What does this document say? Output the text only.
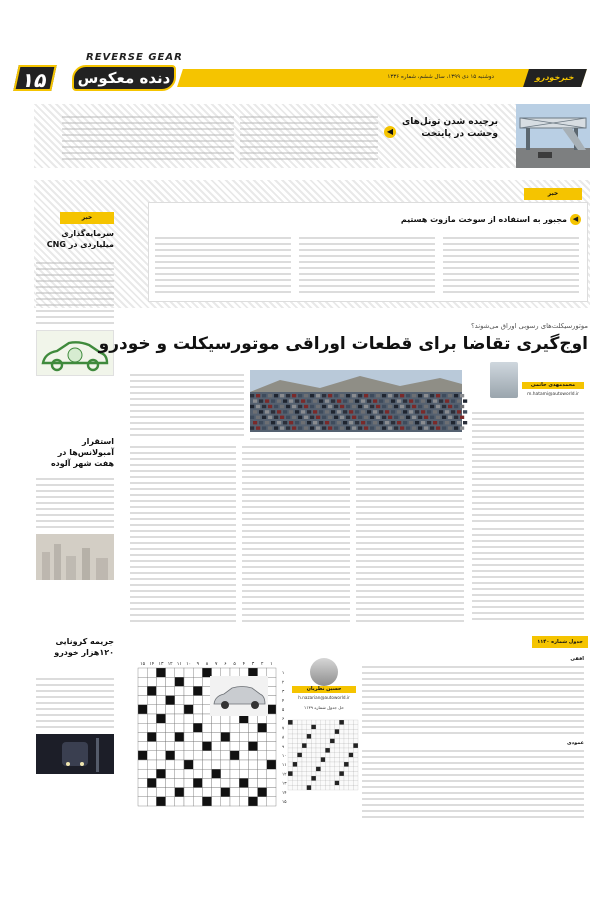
REVERSE GEAR
۱۵	دنده معکوس	دوشنبه ۱۵ دی ۱۳۹۹، سال ششم، شماره ۱۳۳۶	خبرخودرو
برچیده شدن تونل‌های وحشت در پایتخت
◀
خبر
◀
مجبور به استفاده از سوخت مازوت هستیم
خبر
سرمایه‌گذاری میلیاردی در CNG
استقرار آمبولانس‌ها در هفت شهر آلوده
جریمه کرونایی ۱۲۰هزار خودرو
موتورسیکلت‌های رسوبی اوراق می‌شوند؟
اوج‌گیری تقاضا برای قطعات اوراقی موتورسیکلت و خودرو
محمدمهدی حاتمی
m.hatami@autoworld.ir
جدول شماره ۱۱۴۰
۱۵ ۱۴ ۱۳ ۱۲ ۱۱ ۱۰ ۹ ۸ ۷ ۶ ۵ ۴ ۳ ۲ ۱
۱
۲
۳
۴
۵
۶
۷
۸
۹
۱۰
۱۱
۱۲
۱۳
۱۴
۱۵
حسین نظریان
h.nazarian@autoworld.ir
حل جدول شماره ۱۱۳۹
افقی
عمودی
